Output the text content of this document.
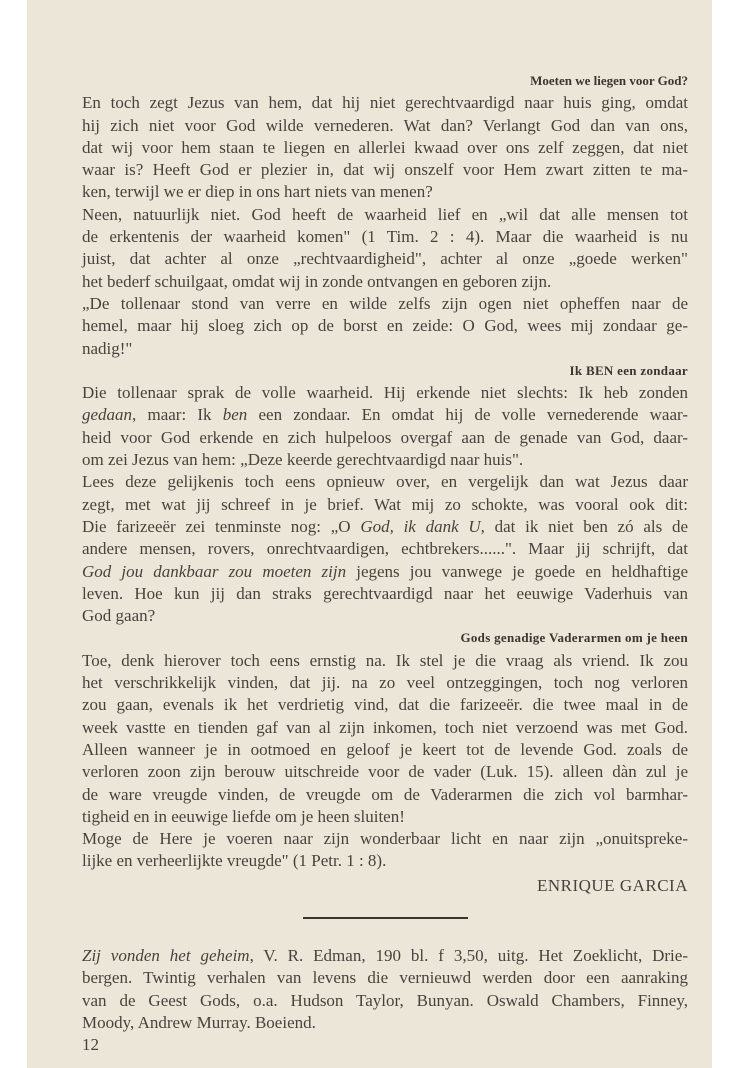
Moeten we liegen voor God?
En toch zegt Jezus van hem, dat hij niet gerechtvaardigd naar huis ging, omdat
hij zich niet voor God wilde vernederen. Wat dan? Verlangt God dan van ons,
dat wij voor hem staan te liegen en allerlei kwaad over ons zelf zeggen, dat niet
waar is? Heeft God er plezier in, dat wij onszelf voor Hem zwart zitten te ma-
ken, terwijl we er diep in ons hart niets van menen?
Neen, natuurlijk niet. God heeft de waarheid lief en „wil dat alle mensen tot
de erkentenis der waarheid komen" (1 Tim. 2 : 4). Maar die waarheid is nu
juist, dat achter al onze „rechtvaardigheid", achter al onze „goede werken"
het bederf schuilgaat, omdat wij in zonde ontvangen en geboren zijn.
„De tollenaar stond van verre en wilde zelfs zijn ogen niet opheffen naar de
hemel, maar hij sloeg zich op de borst en zeide: O God, wees mij zondaar ge-
nadig!"
Ik BEN een zondaar
Die tollenaar sprak de volle waarheid. Hij erkende niet slechts: Ik heb zonden
gedaan, maar: Ik ben een zondaar. En omdat hij de volle vernederende waar-
heid voor God erkende en zich hulpeloos overgaf aan de genade van God, daar-
om zei Jezus van hem: „Deze keerde gerechtvaardigd naar huis".
Lees deze gelijkenis toch eens opnieuw over, en vergelijk dan wat Jezus daar
zegt, met wat jij schreef in je brief. Wat mij zo schokte, was vooral ook dit:
Die farizeeër zei tenminste nog: „O God, ik dank U, dat ik niet ben zó als de
andere mensen, rovers, onrechtvaardigen, echtbrekers......". Maar jij schrijft, dat
God jou dankbaar zou moeten zijn jegens jou vanwege je goede en heldhaftige
leven. Hoe kun jij dan straks gerechtvaardigd naar het eeuwige Vaderhuis van
God gaan?
Gods genadige Vaderarmen om je heen
Toe, denk hierover toch eens ernstig na. Ik stel je die vraag als vriend. Ik zou
het verschrikkelijk vinden, dat jij. na zo veel ontzeggingen, toch nog verloren
zou gaan, evenals ik het verdrietig vind, dat die farizeeër. die twee maal in de
week vastte en tienden gaf van al zijn inkomen, toch niet verzoend was met God.
Alleen wanneer je in ootmoed en geloof je keert tot de levende God. zoals de
verloren zoon zijn berouw uitschreide voor de vader (Luk. 15). alleen dàn zul je
de ware vreugde vinden, de vreugde om de Vaderarmen die zich vol barmhar-
tigheid en in eeuwige liefde om je heen sluiten!
Moge de Here je voeren naar zijn wonderbaar licht en naar zijn „onuitspreke-
lijke en verheerlijkte vreugde" (1 Petr. 1 : 8).
ENRIQUE GARCIA
Zij vonden het geheim, V. R. Edman, 190 bl. f 3,50, uitg. Het Zoeklicht, Drie-
bergen. Twintig verhalen van levens die vernieuwd werden door een aanraking
van de Geest Gods, o.a. Hudson Taylor, Bunyan. Oswald Chambers, Finney,
Moody, Andrew Murray. Boeiend.
12
